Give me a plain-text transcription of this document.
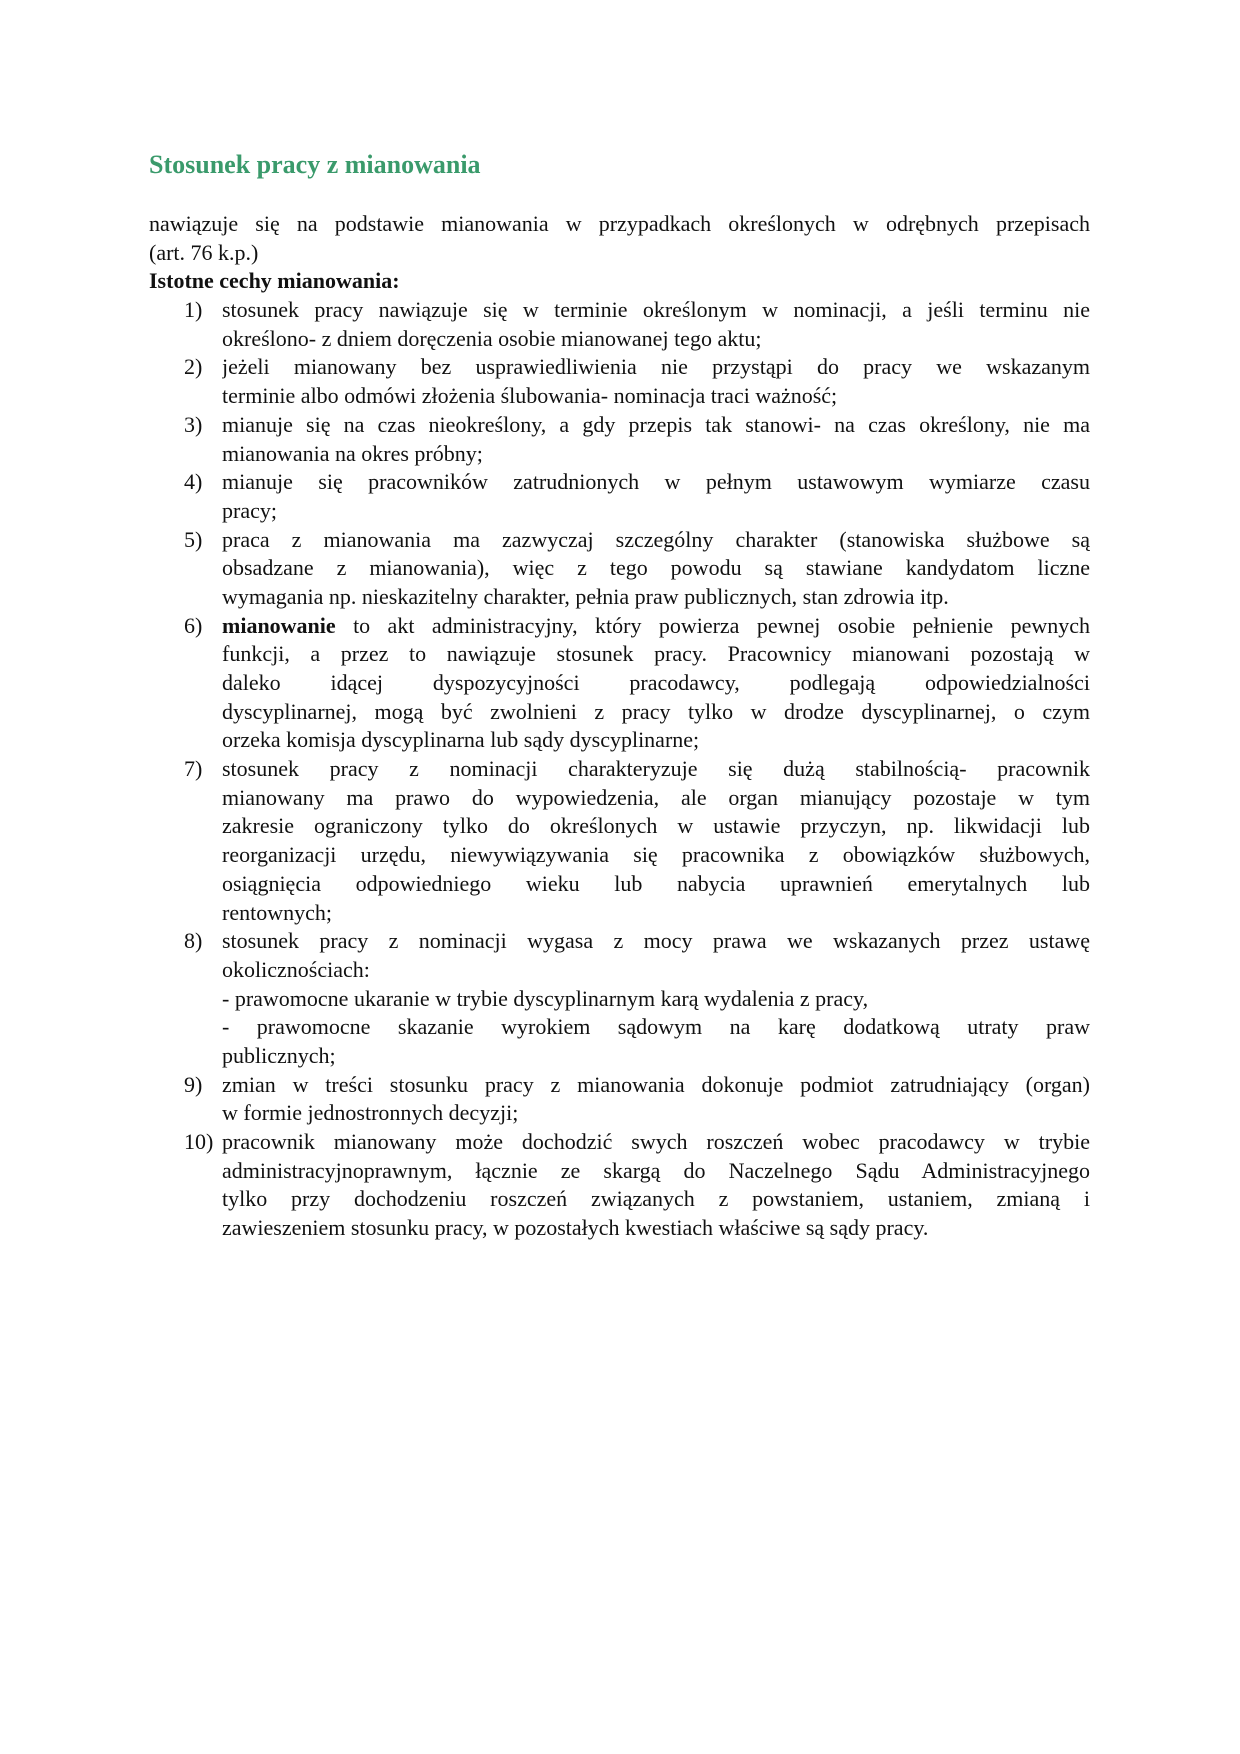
Stosunek pracy z mianowania
nawiązuje się na podstawie mianowania w przypadkach określonych w odrębnych przepisach
(art. 76 k.p.)
Istotne cechy mianowania:
1) stosunek pracy nawiązuje się w terminie określonym w nominacji, a jeśli terminu nie
określono- z dniem doręczenia osobie mianowanej tego aktu;
2) jeżeli mianowany bez usprawiedliwienia nie przystąpi do pracy we wskazanym
terminie albo odmówi złożenia ślubowania- nominacja traci ważność;
3) mianuje się na czas nieokreślony, a gdy przepis tak stanowi- na czas określony, nie ma
mianowania na okres próbny;
4) mianuje się pracowników zatrudnionych w pełnym ustawowym wymiarze czasu
pracy;
5) praca z mianowania ma zazwyczaj szczególny charakter (stanowiska służbowe są
obsadzane z mianowania), więc z tego powodu są stawiane kandydatom liczne
wymagania np. nieskazitelny charakter, pełnia praw publicznych, stan zdrowia itp.
6) mianowanie to akt administracyjny, który powierza pewnej osobie pełnienie pewnych
funkcji, a przez to nawiązuje stosunek pracy. Pracownicy mianowani pozostają w
daleko idącej dyspozycyjności pracodawcy, podlegają odpowiedzialności
dyscyplinarnej, mogą być zwolnieni z pracy tylko w drodze dyscyplinarnej, o czym
orzeka komisja dyscyplinarna lub sądy dyscyplinarne;
7) stosunek pracy z nominacji charakteryzuje się dużą stabilnością- pracownik
mianowany ma prawo do wypowiedzenia, ale organ mianujący pozostaje w tym
zakresie ograniczony tylko do określonych w ustawie przyczyn, np. likwidacji lub
reorganizacji urzędu, niewywiązywania się pracownika z obowiązków służbowych,
osiągnięcia odpowiedniego wieku lub nabycia uprawnień emerytalnych lub
rentownych;
8) stosunek pracy z nominacji wygasa z mocy prawa we wskazanych przez ustawę
okolicznościach:
- prawomocne ukaranie w trybie dyscyplinarnym karą wydalenia z pracy,
- prawomocne skazanie wyrokiem sądowym na karę dodatkową utraty praw
publicznych;
9) zmian w treści stosunku pracy z mianowania dokonuje podmiot zatrudniający (organ)
w formie jednostronnych decyzji;
10) pracownik mianowany może dochodzić swych roszczeń wobec pracodawcy w trybie
administracyjnoprawnym, łącznie ze skargą do Naczelnego Sądu Administracyjnego
tylko przy dochodzeniu roszczeń związanych z powstaniem, ustaniem, zmianą i
zawieszeniem stosunku pracy, w pozostałych kwestiach właściwe są sądy pracy.
